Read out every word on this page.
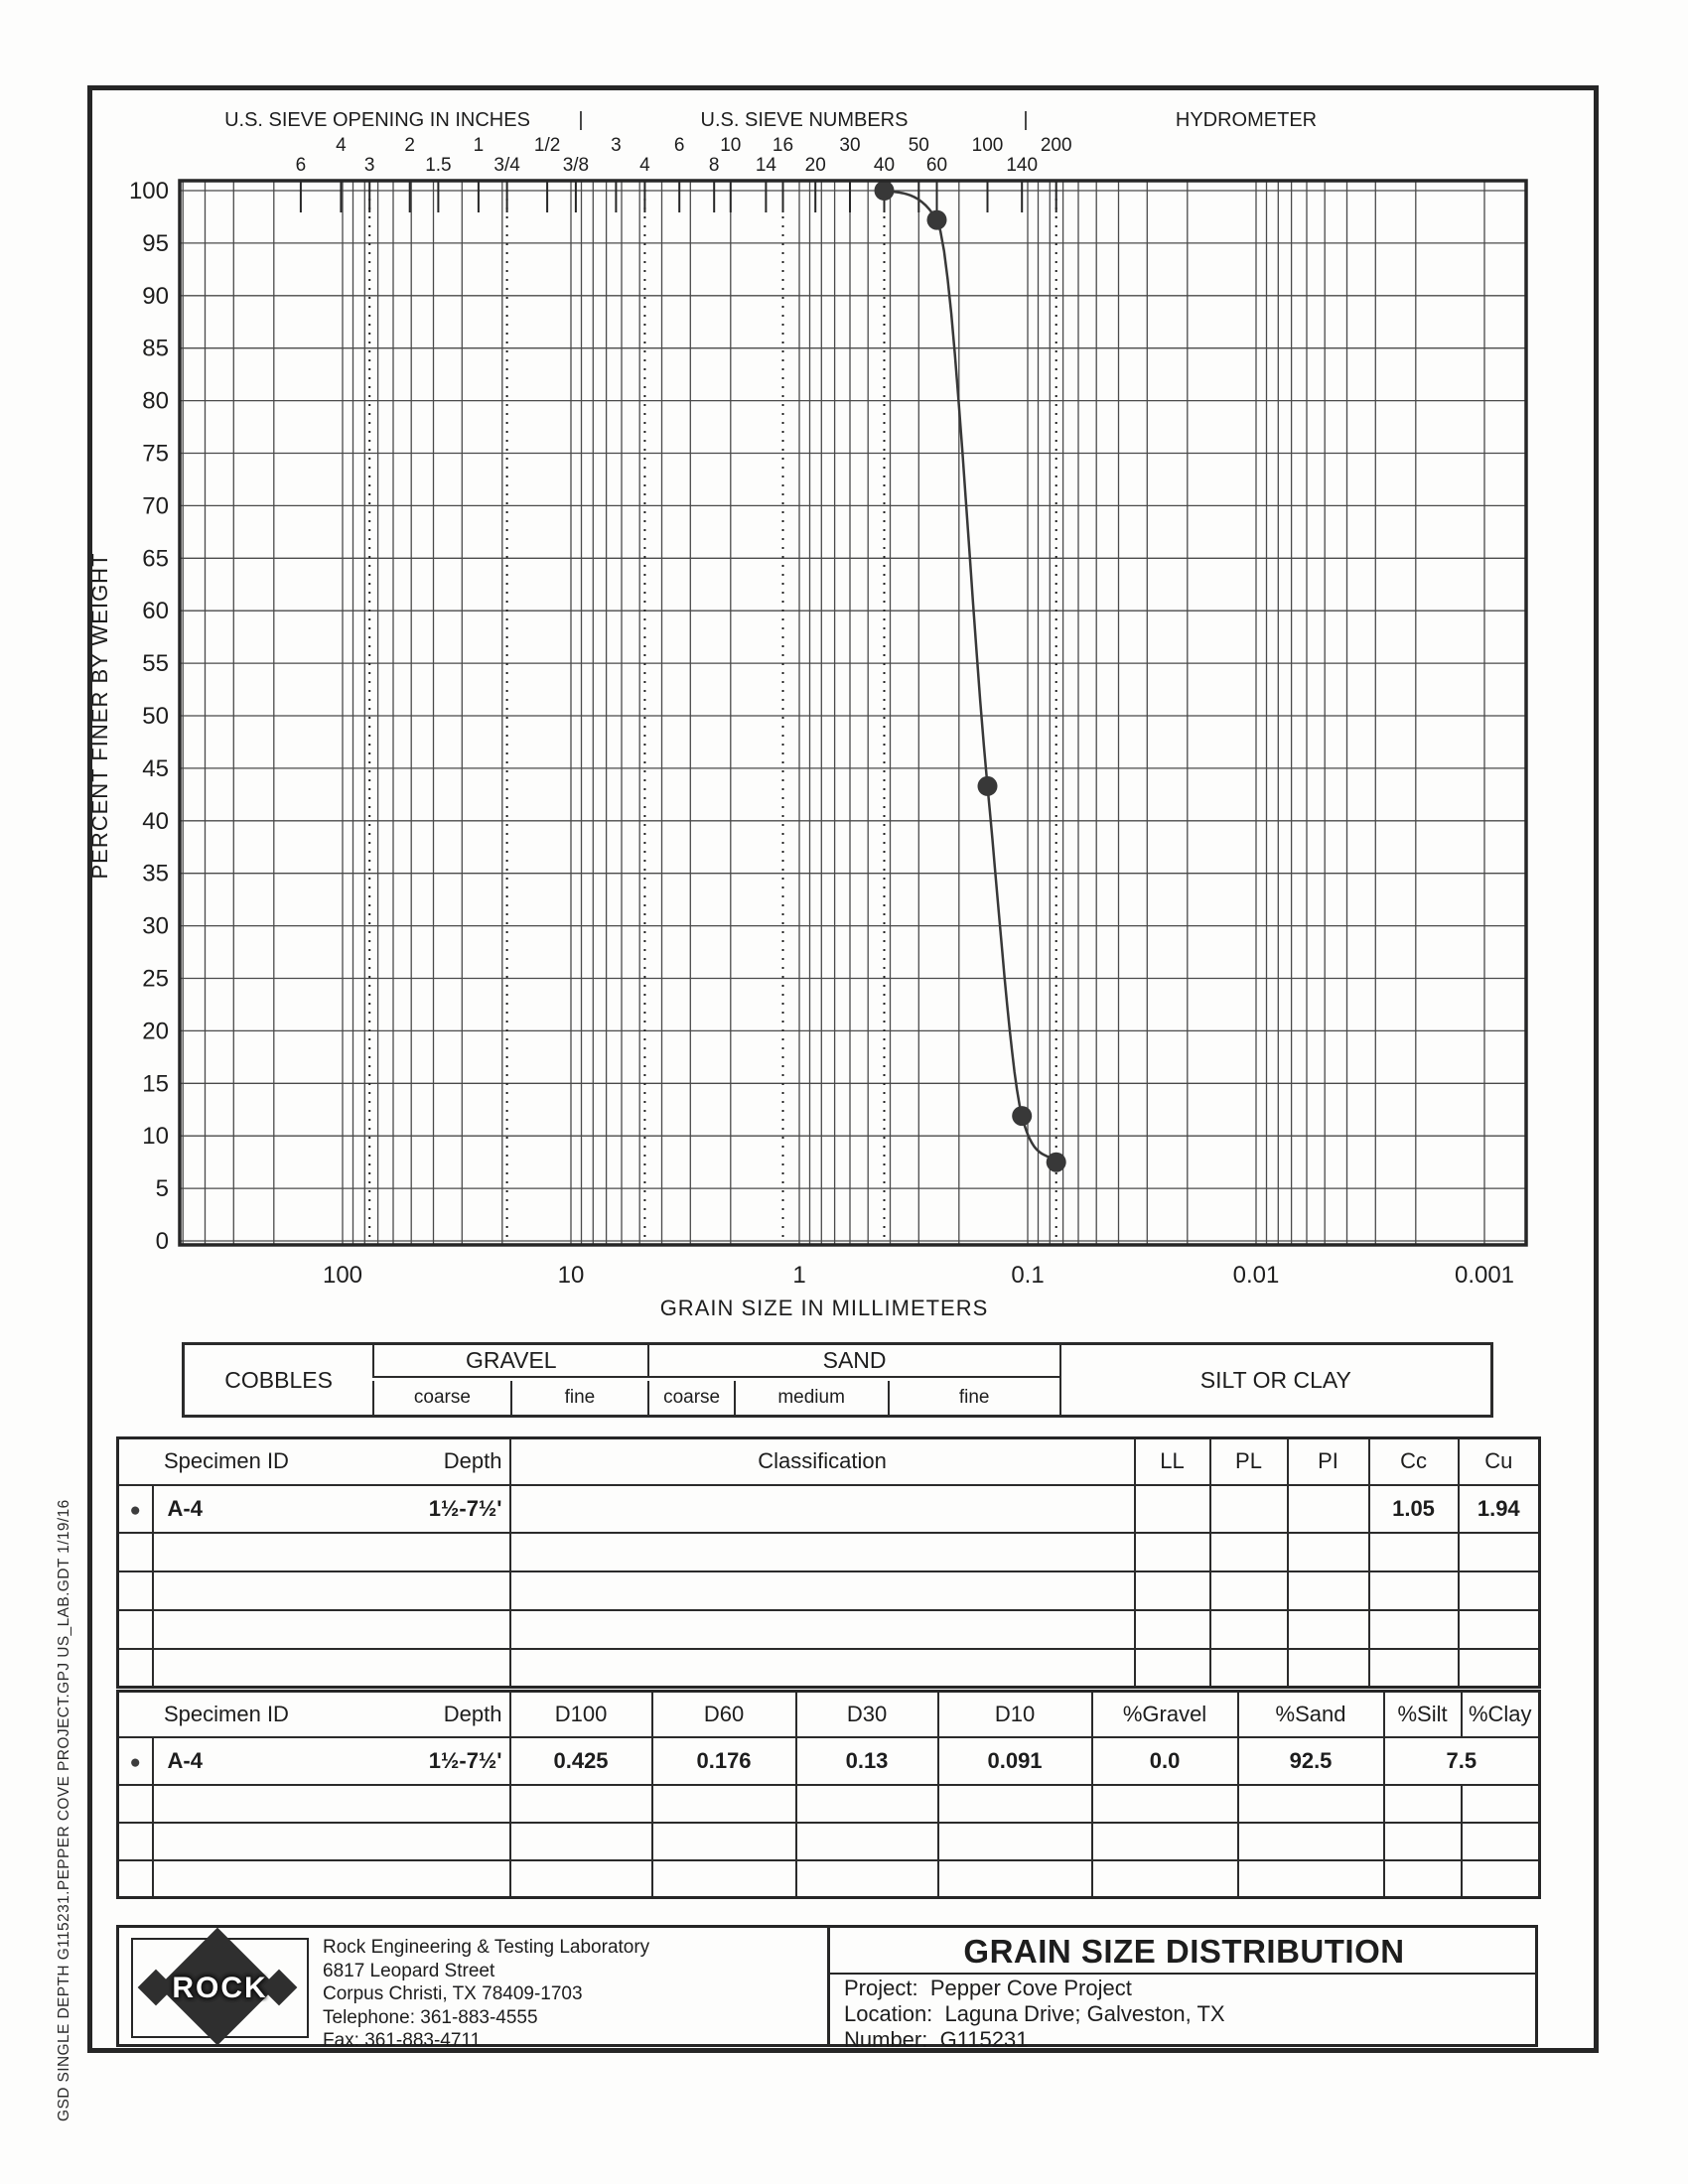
GSD SINGLE DEPTH G115231.PEPPER COVE PROJECT.GPJ US_LAB.GDT 1/19/16
U.S. SIEVE OPENING IN INCHES |	U.S. SIEVE NUMBERS	|	HYDROMETER
6
4
3
2
1.5
1
3/4
1/2
3/8
3
4
6
8
10
14
16
20
30
40
50
60
100
140
200
100
95
90
85
80
75
70
65
60
55
50
45
40
35
30
25
20
15
10
5
0
100	10	1	0.1	0.01	0.001
PERCENT FINER BY WEIGHT
GRAIN SIZE IN MILLIMETERS
COBBLES
GRAVEL
coarse	fine
SAND
coarse	medium	fine
SILT OR CLAY
Specimen ID Depth		Classification	LL	PL	PI	Cc	Cu
●	A-4 1½-7½'					1.05	1.94

Specimen ID Depth		D100	D60	D30	D10	%Gravel	%Sand	%Silt	%Clay
●	A-4 1½-7½'	0.425	0.176	0.13	0.091	0.0	92.5	7.5	

ROCK
Rock Engineering & Testing Laboratory
6817 Leopard Street
Corpus Christi, TX 78409-1703
Telephone: 361-883-4555
Fax: 361-883-4711
GRAIN SIZE DISTRIBUTION
Project: Pepper Cove Project
Location: Laguna Drive; Galveston, TX
Number: G115231
